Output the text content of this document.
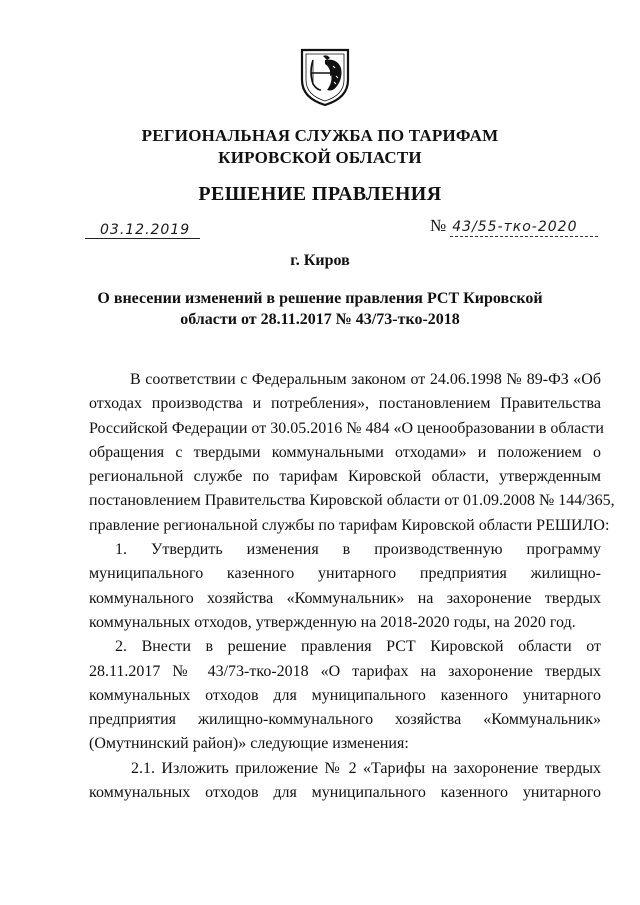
РЕГИОНАЛЬНАЯ СЛУЖБА ПО ТАРИФАМ
КИРОВСКОЙ ОБЛАСТИ
РЕШЕНИЕ ПРАВЛЕНИЯ
03.12.2019	№ 43/55-тко-2020
г. Киров
О внесении изменений в решение правления РСТ Кировской
области от 28.11.2017 № 43/73-тко-2018
В соответствии с Федеральным законом от 24.06.1998 № 89-ФЗ «Об
отходах производства и потребления», постановлением Правительства
Российской Федерации от 30.05.2016 № 484 «О ценообразовании в области
обращения с твердыми коммунальными отходами» и положением о
региональной службе по тарифам Кировской области, утвержденным
постановлением Правительства Кировской области от 01.09.2008 № 144/365,
правление региональной службы по тарифам Кировской области РЕШИЛО:
1. Утвердить изменения в производственную программу
муниципального казенного унитарного предприятия жилищно-
коммунального хозяйства «Коммунальник» на захоронение твердых
коммунальных отходов, утвержденную на 2018-2020 годы, на 2020 год.
2. Внести в решение правления РСТ Кировской области от
28.11.2017 № 43/73-тко-2018 «О тарифах на захоронение твердых
коммунальных отходов для муниципального казенного унитарного
предприятия жилищно-коммунального хозяйства «Коммунальник»
(Омутнинский район)» следующие изменения:
2.1. Изложить приложение № 2 «Тарифы на захоронение твердых
коммунальных отходов для муниципального казенного унитарного
